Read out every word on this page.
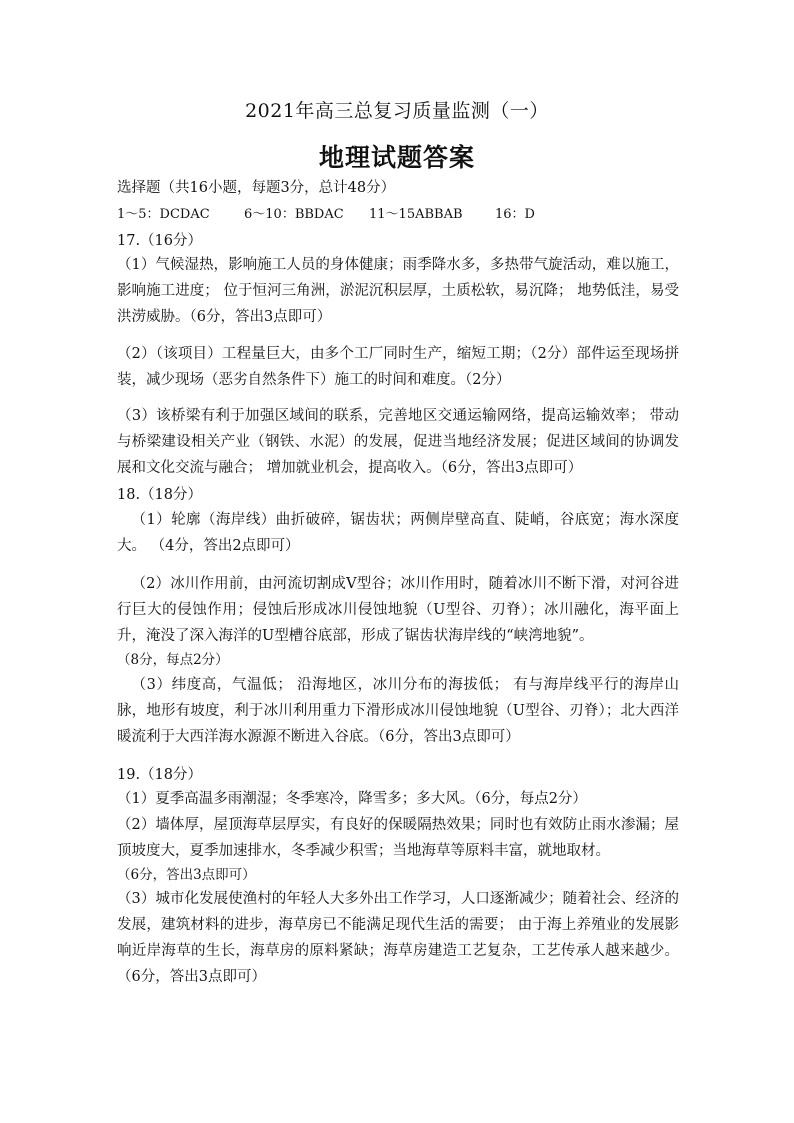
2021年高三总复习质量监测（一）
地理试题答案
选择题（共16小题，每题3分，总计48分）
1～5：DCDAC	6～10：BBDAC 11～15ABBAB 16：D
17.（16分）
（1）气候湿热，影响施工人员的身体健康；雨季降水多，多热带气旋活动，难以施工，影响施工进度； 位于恒河三角洲，淤泥沉积层厚，土质松软，易沉降； 地势低洼，易受洪涝威胁。（6分，答出3点即可）
（2）（该项目）工程量巨大，由多个工厂同时生产，缩短工期；（2分）部件运至现场拼装，减少现场（恶劣自然条件下）施工的时间和难度。（2分）
（3）该桥梁有利于加强区域间的联系，完善地区交通运输网络，提高运输效率； 带动与桥梁建设相关产业（钢铁、水泥）的发展，促进当地经济发展；促进区域间的协调发展和文化交流与融合； 增加就业机会，提高收入。（6分，答出3点即可）
18.（18分）
（1）轮廓（海岸线）曲折破碎，锯齿状；两侧岸壁高直、陡峭，谷底宽；海水深度大。 （4分，答出2点即可）
（2）冰川作用前，由河流切割成V型谷；冰川作用时，随着冰川不断下滑，对河谷进行巨大的侵蚀作用；侵蚀后形成冰川侵蚀地貌（U型谷、刃脊）；冰川融化，海平面上升，淹没了深入海洋的U型槽谷底部，形成了锯齿状海岸线的“峡湾地貌”。
（8分，每点2分）
（3）纬度高，气温低； 沿海地区，冰川分布的海拔低； 有与海岸线平行的海岸山脉，地形有坡度，利于冰川利用重力下滑形成冰川侵蚀地貌（U型谷、刃脊）；北大西洋暖流利于大西洋海水源源不断进入谷底。（6分，答出3点即可）
19.（18分）
（1）夏季高温多雨潮湿；冬季寒冷，降雪多；多大风。（6分，每点2分）
（2）墙体厚，屋顶海草层厚实，有良好的保暖隔热效果；同时也有效防止雨水渗漏；屋顶坡度大，夏季加速排水，冬季减少积雪；当地海草等原料丰富，就地取材。
（6分，答出3点即可）
（3）城市化发展使渔村的年轻人大多外出工作学习，人口逐渐减少；随着社会、经济的发展，建筑材料的进步，海草房已不能满足现代生活的需要； 由于海上养殖业的发展影响近岸海草的生长，海草房的原料紧缺；海草房建造工艺复杂，工艺传承人越来越少。（6分，答出3点即可）
